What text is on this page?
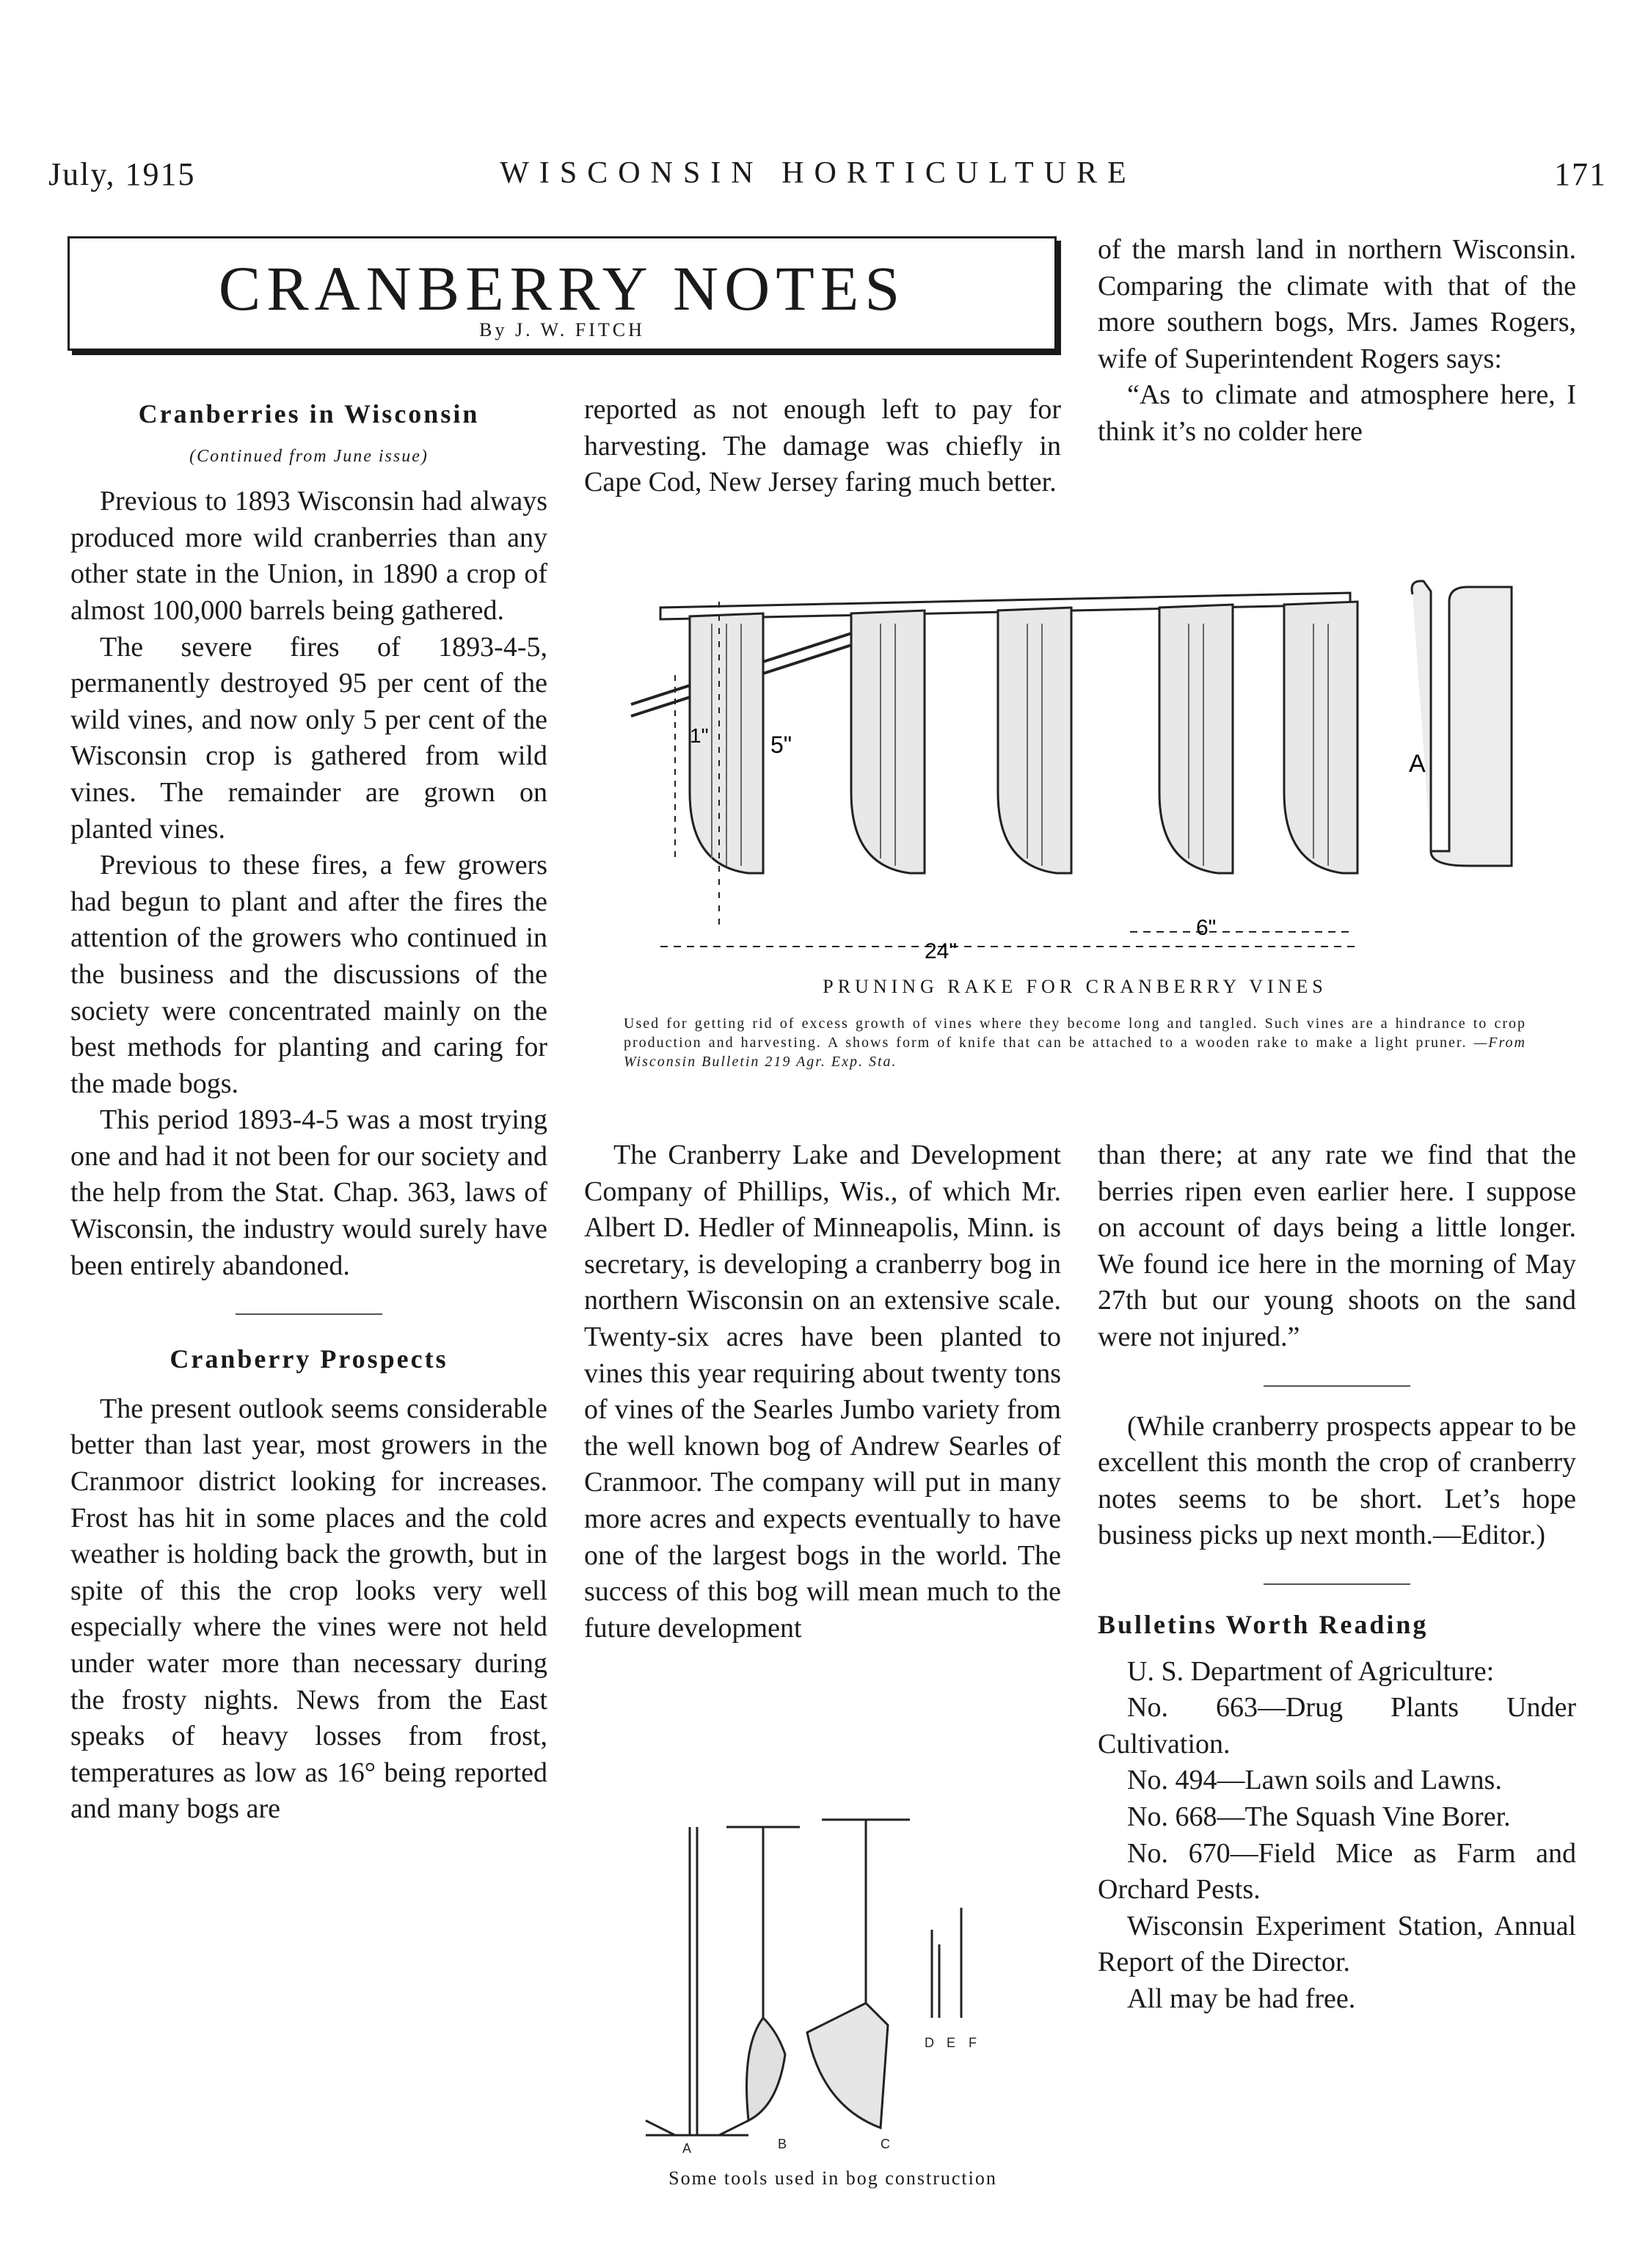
July, 1915	WISCONSIN HORTICULTURE	171
CRANBERRY NOTES
By J. W. FITCH
Cranberries in Wisconsin
(Continued from June issue)

Previous to 1893 Wisconsin had always produced more wild cranberries than any other state in the Union, in 1890 a crop of almost 100,000 barrels being gathered.

The severe fires of 1893-4-5, permanently destroyed 95 per cent of the wild vines, and now only 5 per cent of the Wisconsin crop is gathered from wild vines. The remainder are grown on planted vines.

Previous to these fires, a few growers had begun to plant and after the fires the attention of the growers who continued in the business and the discussions of the society were concentrated mainly on the best methods for planting and caring for the made bogs.

This period 1893-4-5 was a most trying one and had it not been for our society and the help from the Stat. Chap. 363, laws of Wisconsin, the industry would surely have been entirely abandoned.

Cranberry Prospects

The present outlook seems considerable better than last year, most growers in the Cranmoor district looking for increases. Frost has hit in some places and the cold weather is holding back the growth, but in spite of this the crop looks very well especially where the vines were not held under water more than necessary during the frosty nights. News from the East speaks of heavy losses from frost, temperatures as low as 16° being reported and many bogs are

reported as not enough left to pay for harvesting. The damage was chiefly in Cape Cod, New Jersey faring much better.

of the marsh land in northern Wisconsin. Comparing the climate with that of the more southern bogs, Mrs. James Rogers, wife of Superintendent Rogers says:

“As to climate and atmosphere here, I think it’s no colder here

A
1"	5"
6"
24"
PRUNING RAKE FOR CRANBERRY VINES
Used for getting rid of excess growth of vines where they become long and tangled. Such vines are a hindrance to crop production and harvesting. A shows form of knife that can be attached to a wooden rake to make a light pruner. —From Wisconsin Bulletin 219 Agr. Exp. Sta.

The Cranberry Lake and Development Company of Phillips, Wis., of which Mr. Albert D. Hedler of Minneapolis, Minn. is secretary, is developing a cranberry bog in northern Wisconsin on an extensive scale. Twenty-six acres have been planted to vines this year requiring about twenty tons of vines of the Searles Jumbo variety from the well known bog of Andrew Searles of Cranmoor. The company will put in many more acres and expects eventually to have one of the largest bogs in the world. The success of this bog will mean much to the future development

A	B	C
D E F
Some tools used in bog construction

than there; at any rate we find that the berries ripen even earlier here. I suppose on account of days being a little longer. We found ice here in the morning of May 27th but our young shoots on the sand were not injured.”

(While cranberry prospects appear to be excellent this month the crop of cranberry notes seems to be short. Let’s hope business picks up next month.—Editor.)

Bulletins Worth Reading

U. S. Department of Agriculture:

No. 663—Drug Plants Under Cultivation.

No. 494—Lawn soils and Lawns.

No. 668—The Squash Vine Borer.

No. 670—Field Mice as Farm and Orchard Pests.

Wisconsin Experiment Station, Annual Report of the Director.

All may be had free.
